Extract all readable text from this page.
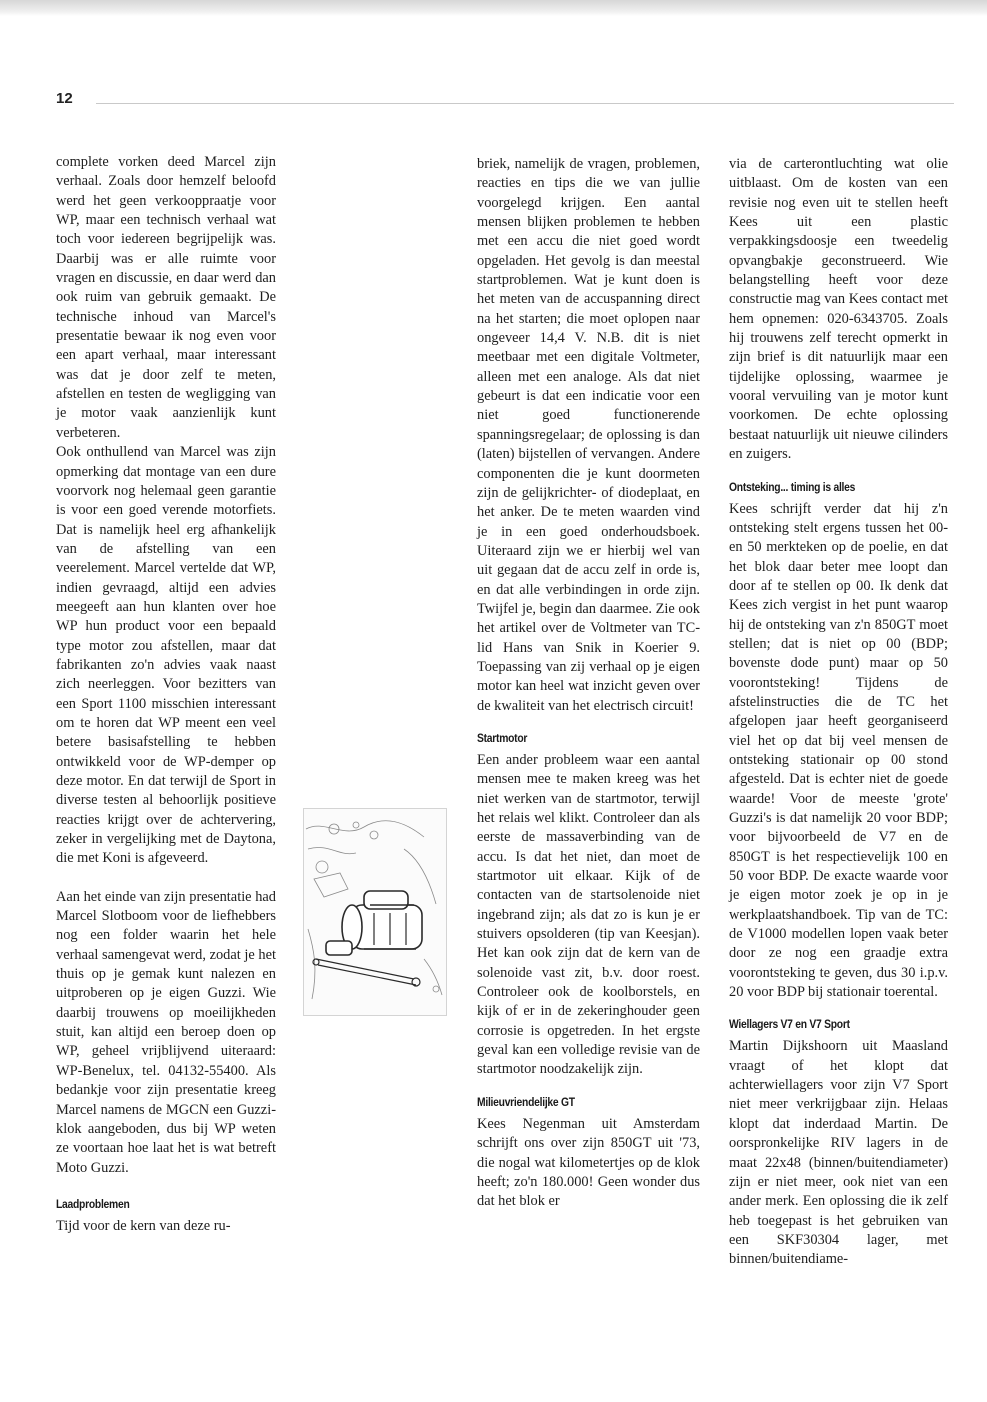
12

complete vorken deed Marcel zijn verhaal. Zoals door hemzelf beloofd werd het geen verkooppraatje voor WP, maar een technisch verhaal wat toch voor iedereen begrijpelijk was. Daarbij was er alle ruimte voor vragen en discussie, en daar werd dan ook ruim van gebruik gemaakt. De technische inhoud van Marcel's presentatie bewaar ik nog even voor een apart verhaal, maar interessant was dat je door zelf te meten, afstellen en testen de wegligging van je motor vaak aanzienlijk kunt verbeteren.

Ook onthullend van Marcel was zijn opmerking dat montage van een dure voorvork nog helemaal geen garantie is voor een goed verende motorfiets. Dat is namelijk heel erg afhankelijk van de afstelling van een veerelement. Marcel vertelde dat WP, indien gevraagd, altijd een advies meegeeft aan hun klanten over hoe WP hun product voor een bepaald type motor zou afstellen, maar dat fabrikanten zo'n advies vaak naast zich neerleggen. Voor bezitters van een Sport 1100 misschien interessant om te horen dat WP meent een veel betere basisafstelling te hebben ontwikkeld voor de WP-demper op deze motor. En dat terwijl de Sport in diverse testen al behoorlijk positieve reacties krijgt over de achtervering, zeker in vergelijking met de Daytona, die met Koni is afgeveerd.

Aan het einde van zijn presentatie had Marcel Slotboom voor de liefhebbers nog een folder waarin het hele verhaal samengevat werd, zodat je het thuis op je gemak kunt nalezen en uitproberen op je eigen Guzzi. Wie daarbij trouwens op moeilijkheden stuit, kan altijd een beroep doen op WP, geheel vrijblijvend uiteraard: WP-Benelux, tel. 04132-55400. Als bedankje voor zijn presentatie kreeg Marcel namens de MGCN een Guzzi-klok aangeboden, dus bij WP weten ze voortaan hoe laat het is wat betreft Moto Guzzi.

Laadproblemen

Tijd voor de kern van deze ru-

briek, namelijk de vragen, problemen, reacties en tips die we van jullie voorgelegd krijgen. Een aantal mensen blijken problemen te hebben met een accu die niet goed wordt opgeladen. Het gevolg is dan meestal startproblemen. Wat je kunt doen is het meten van de accuspanning direct na het starten; die moet oplopen naar ongeveer 14,4 V. N.B. dit is niet meetbaar met een digitale Voltmeter, alleen met een analoge. Als dat niet gebeurt is dat een indicatie voor een niet goed functionerende spanningsregelaar; de oplossing is dan (laten) bijstellen of vervangen. Andere componenten die je kunt doormeten zijn de gelijkrichter- of diodeplaat, en het anker. De te meten waarden vind je in een goed onderhoudsboek. Uiteraard zijn we er hierbij wel van uit gegaan dat de accu zelf in orde is, en dat alle verbindingen in orde zijn. Twijfel je, begin dan daarmee. Zie ook het artikel over de Voltmeter van TC-lid Hans van Snik in Koerier 9. Toepassing van zij verhaal op je eigen motor kan heel wat inzicht geven over de kwaliteit van het electrisch circuit!

Startmotor

Een ander probleem waar een aantal mensen mee te maken kreeg was het niet werken van de startmotor, terwijl het relais wel klikt. Controleer dan als eerste de massaverbinding van de accu. Is dat het niet, dan moet de startmotor uit elkaar. Kijk of de contacten van de startsolenoide niet ingebrand zijn; als dat zo is kun je er stuivers opsolderen (tip van Keesjan). Het kan ook zijn dat de kern van de solenoide vast zit, b.v. door roest. Controleer ook de koolborstels, en kijk of er in de zekeringhouder geen corrosie is opgetreden. In het ergste geval kan een volledige revisie van de startmotor noodzakelijk zijn.

Milieuvriendelijke GT

Kees Negenman uit Amsterdam schrijft ons over zijn 850GT uit '73, die nogal wat kilometertjes op de klok heeft; zo'n 180.000! Geen wonder dus dat het blok er

via de carterontluchting wat olie uitblaast. Om de kosten van een revisie nog even uit te stellen heeft Kees uit een plastic verpakkingsdoosje een tweedelig opvangbakje geconstrueerd. Wie belangstelling heeft voor deze constructie mag van Kees contact met hem opnemen: 020-6343705. Zoals hij trouwens zelf terecht opmerkt in zijn brief is dit natuurlijk maar een tijdelijke oplossing, waarmee je vooral vervuiling van je motor kunt voorkomen. De echte oplossing bestaat natuurlijk uit nieuwe cilinders en zuigers.

Ontsteking... timing is alles

Kees schrijft verder dat hij z'n ontsteking stelt ergens tussen het 00- en 50 merkteken op de poelie, en dat het blok daar beter mee loopt dan door af te stellen op 00. Ik denk dat Kees zich vergist in het punt waarop hij de ontsteking van z'n 850GT moet stellen; dat is niet op 00 (BDP; bovenste dode punt) maar op 50 voorontsteking! Tijdens de afstelinstructies die de TC het afgelopen jaar heeft georganiseerd viel het op dat bij veel mensen de ontsteking stationair op 00 stond afgesteld. Dat is echter niet de goede waarde! Voor de meeste 'grote' Guzzi's is dat namelijk 20 voor BDP; voor bijvoorbeeld de V7 en de 850GT is het respectievelijk 100 en 50 voor BDP. De exacte waarde voor je eigen motor zoek je op in je werkplaatshandboek. Tip van de TC: de V1000 modellen lopen vaak beter door ze nog een graadje extra voorontsteking te geven, dus 30 i.p.v. 20 voor BDP bij stationair toerental.

Wiellagers V7 en V7 Sport

Martin Dijkshoorn uit Maasland vraagt of het klopt dat achterwiellagers voor zijn V7 Sport niet meer verkrijgbaar zijn. Helaas klopt dat inderdaad Martin. De oorspronkelijke RIV lagers in de maat 22x48 (binnen/buitendiameter) zijn er niet meer, ook niet van een ander merk. Een oplossing die ik zelf heb toegepast is het gebruiken van een SKF30304 lager, met binnen/buitendiame-
